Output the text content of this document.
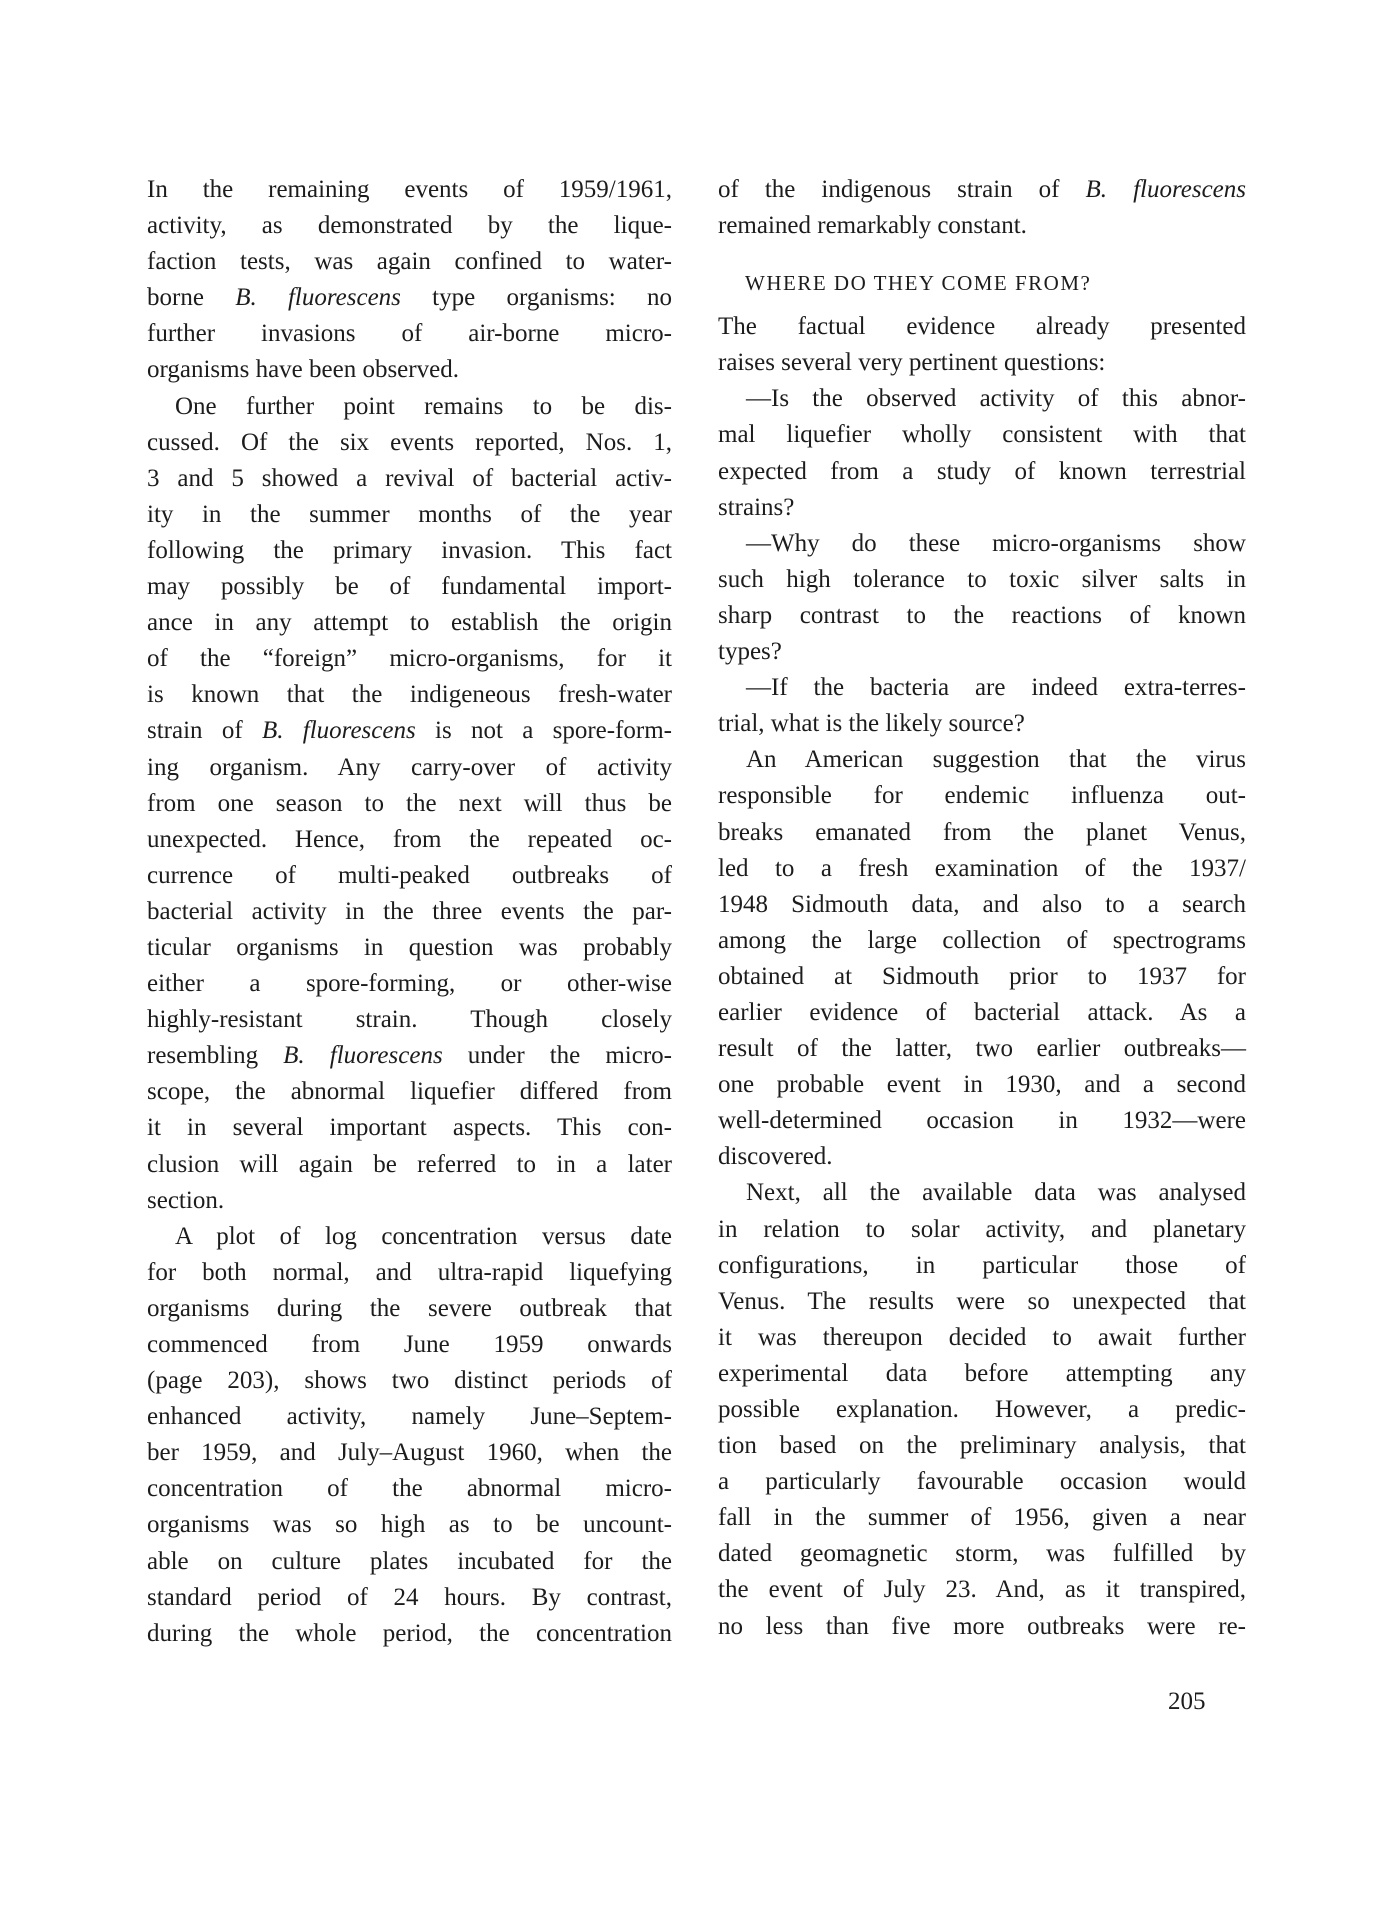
In the remaining events of 1959/1961,
activity, as demonstrated by the lique-
faction tests, was again confined to water-
borne B. fluorescens type organisms: no
further invasions of air-borne micro-
organisms have been observed.
One further point remains to be dis-
cussed. Of the six events reported, Nos. 1,
3 and 5 showed a revival of bacterial activ-
ity in the summer months of the year
following the primary invasion. This fact
may possibly be of fundamental import-
ance in any attempt to establish the origin
of the “foreign” micro-organisms, for it
is known that the indigeneous fresh-water
strain of B. fluorescens is not a spore-form-
ing organism. Any carry-over of activity
from one season to the next will thus be
unexpected. Hence, from the repeated oc-
currence of multi-peaked outbreaks of
bacterial activity in the three events the par-
ticular organisms in question was probably
either a spore-forming, or other-wise
highly-resistant strain. Though closely
resembling B. fluorescens under the micro-
scope, the abnormal liquefier differed from
it in several important aspects. This con-
clusion will again be referred to in a later
section.
A plot of log concentration versus date
for both normal, and ultra-rapid liquefying
organisms during the severe outbreak that
commenced from June 1959 onwards
(page 203), shows two distinct periods of
enhanced activity, namely June–Septem-
ber 1959, and July–August 1960, when the
concentration of the abnormal micro-
organisms was so high as to be uncount-
able on culture plates incubated for the
standard period of 24 hours. By contrast,
during the whole period, the concentration
of the indigenous strain of B. fluorescens
remained remarkably constant.
WHERE DO THEY COME FROM?
The factual evidence already presented
raises several very pertinent questions:
—Is the observed activity of this abnor-
mal liquefier wholly consistent with that
expected from a study of known terrestrial
strains?
—Why do these micro-organisms show
such high tolerance to toxic silver salts in
sharp contrast to the reactions of known
types?
—If the bacteria are indeed extra-terres-
trial, what is the likely source?
An American suggestion that the virus
responsible for endemic influenza out-
breaks emanated from the planet Venus,
led to a fresh examination of the 1937/
1948 Sidmouth data, and also to a search
among the large collection of spectrograms
obtained at Sidmouth prior to 1937 for
earlier evidence of bacterial attack. As a
result of the latter, two earlier outbreaks—
one probable event in 1930, and a second
well-determined occasion in 1932—were
discovered.
Next, all the available data was analysed
in relation to solar activity, and planetary
configurations, in particular those of
Venus. The results were so unexpected that
it was thereupon decided to await further
experimental data before attempting any
possible explanation. However, a predic-
tion based on the preliminary analysis, that
a particularly favourable occasion would
fall in the summer of 1956, given a near
dated geomagnetic storm, was fulfilled by
the event of July 23. And, as it transpired,
no less than five more outbreaks were re-
205
